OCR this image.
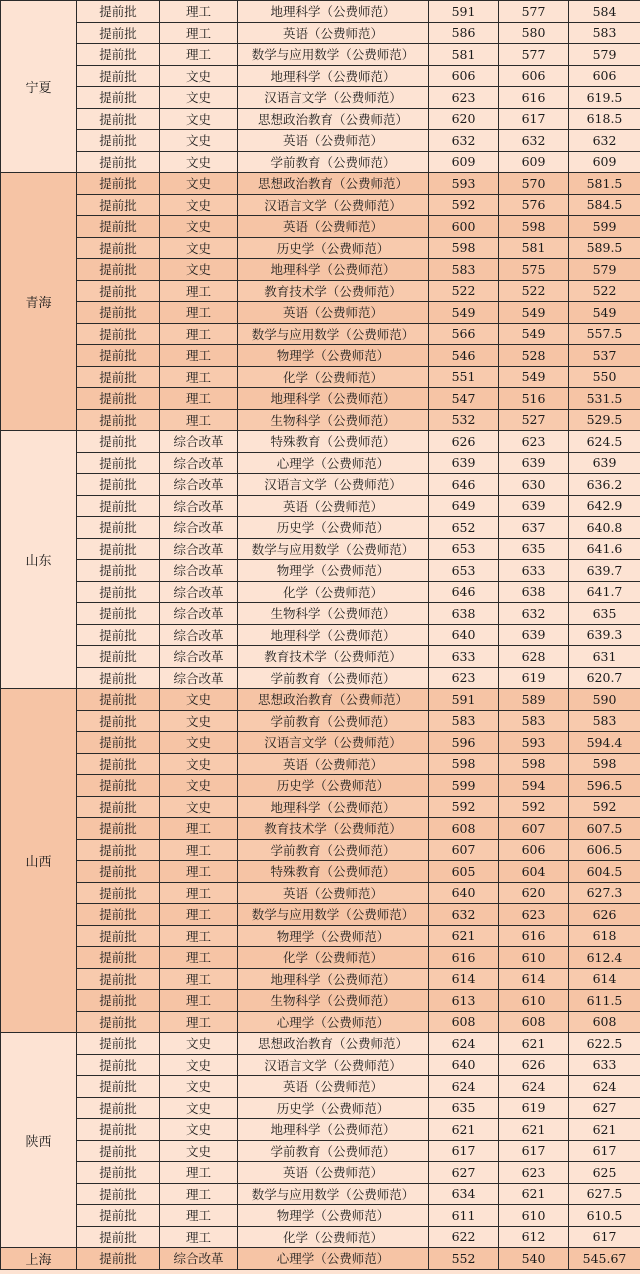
宁夏	提前批	理工	地理科学（公费师范）	591	577	584
	提前批	理工	英语（公费师范）	586	580	583
	提前批	理工	数学与应用数学（公费师范）	581	577	579
	提前批	文史	地理科学（公费师范）	606	606	606
	提前批	文史	汉语言文学（公费师范）	623	616	619.5
	提前批	文史	思想政治教育（公费师范）	620	617	618.5
	提前批	文史	英语（公费师范）	632	632	632
	提前批	文史	学前教育（公费师范）	609	609	609
青海	提前批	文史	思想政治教育（公费师范）	593	570	581.5
	提前批	文史	汉语言文学（公费师范）	592	576	584.5
	提前批	文史	英语（公费师范）	600	598	599
	提前批	文史	历史学（公费师范）	598	581	589.5
	提前批	文史	地理科学（公费师范）	583	575	579
	提前批	理工	教育技术学（公费师范）	522	522	522
	提前批	理工	英语（公费师范）	549	549	549
	提前批	理工	数学与应用数学（公费师范）	566	549	557.5
	提前批	理工	物理学（公费师范）	546	528	537
	提前批	理工	化学（公费师范）	551	549	550
	提前批	理工	地理科学（公费师范）	547	516	531.5
	提前批	理工	生物科学（公费师范）	532	527	529.5
山东	提前批	综合改革	特殊教育（公费师范）	626	623	624.5
	提前批	综合改革	心理学（公费师范）	639	639	639
	提前批	综合改革	汉语言文学（公费师范）	646	630	636.2
	提前批	综合改革	英语（公费师范）	649	639	642.9
	提前批	综合改革	历史学（公费师范）	652	637	640.8
	提前批	综合改革	数学与应用数学（公费师范）	653	635	641.6
	提前批	综合改革	物理学（公费师范）	653	633	639.7
	提前批	综合改革	化学（公费师范）	646	638	641.7
	提前批	综合改革	生物科学（公费师范）	638	632	635
	提前批	综合改革	地理科学（公费师范）	640	639	639.3
	提前批	综合改革	教育技术学（公费师范）	633	628	631
	提前批	综合改革	学前教育（公费师范）	623	619	620.7
山西	提前批	文史	思想政治教育（公费师范）	591	589	590
	提前批	文史	学前教育（公费师范）	583	583	583
	提前批	文史	汉语言文学（公费师范）	596	593	594.4
	提前批	文史	英语（公费师范）	598	598	598
	提前批	文史	历史学（公费师范）	599	594	596.5
	提前批	文史	地理科学（公费师范）	592	592	592
	提前批	理工	教育技术学（公费师范）	608	607	607.5
	提前批	理工	学前教育（公费师范）	607	606	606.5
	提前批	理工	特殊教育（公费师范）	605	604	604.5
	提前批	理工	英语（公费师范）	640	620	627.3
	提前批	理工	数学与应用数学（公费师范）	632	623	626
	提前批	理工	物理学（公费师范）	621	616	618
	提前批	理工	化学（公费师范）	616	610	612.4
	提前批	理工	地理科学（公费师范）	614	614	614
	提前批	理工	生物科学（公费师范）	613	610	611.5
	提前批	理工	心理学（公费师范）	608	608	608
陕西	提前批	文史	思想政治教育（公费师范）	624	621	622.5
	提前批	文史	汉语言文学（公费师范）	640	626	633
	提前批	文史	英语（公费师范）	624	624	624
	提前批	文史	历史学（公费师范）	635	619	627
	提前批	文史	地理科学（公费师范）	621	621	621
	提前批	文史	学前教育（公费师范）	617	617	617
	提前批	理工	英语（公费师范）	627	623	625
	提前批	理工	数学与应用数学（公费师范）	634	621	627.5
	提前批	理工	物理学（公费师范）	611	610	610.5
	提前批	理工	化学（公费师范）	622	612	617
上海	提前批	综合改革	心理学（公费师范）	552	540	545.67
